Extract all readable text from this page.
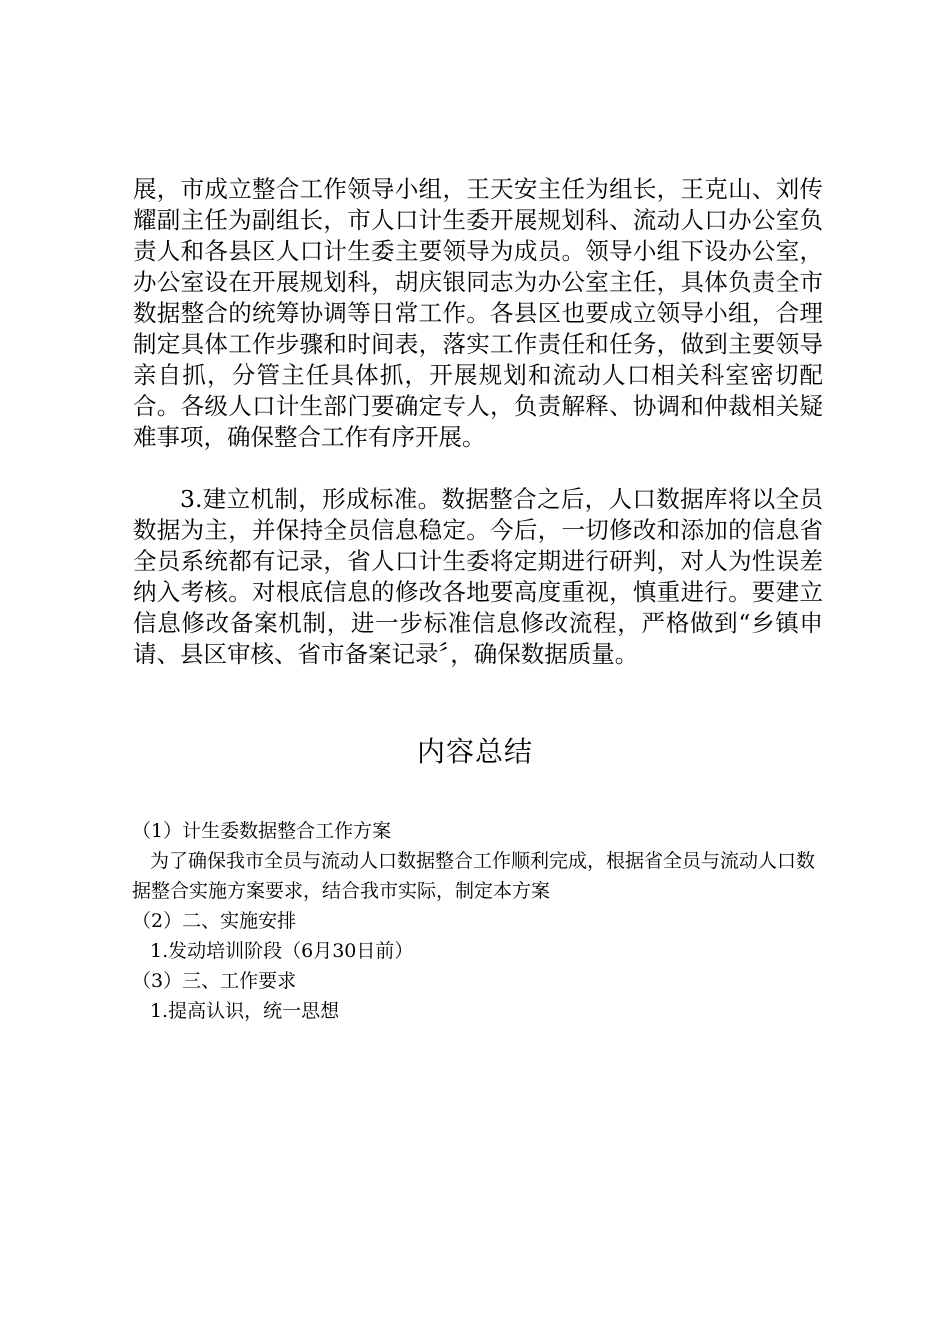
展，市成立整合工作领导小组，王天安主任为组长，王克山、刘传耀副主任为副组长，市人口计生委开展规划科、流动人口办公室负责人和各县区人口计生委主要领导为成员。领导小组下设办公室，办公室设在开展规划科，胡庆银同志为办公室主任，具体负责全市数据整合的统筹协调等日常工作。各县区也要成立领导小组，合理制定具体工作步骤和时间表，落实工作责任和任务，做到主要领导亲自抓，分管主任具体抓，开展规划和流动人口相关科室密切配合。各级人口计生部门要确定专人，负责解释、协调和仲裁相关疑难事项，确保整合工作有序开展。
3.建立机制，形成标准。数据整合之后，人口数据库将以全员数据为主，并保持全员信息稳定。今后，一切修改和添加的信息省全员系统都有记录，省人口计生委将定期进行研判，对人为性误差纳入考核。对根底信息的修改各地要高度重视，慎重进行。要建立信息修改备案机制，进一步标准信息修改流程，严格做到“乡镇申请、县区审核、省市备案记录〞，确保数据质量。
内容总结

（1）计生委数据整合工作方案

为了确保我市全员与流动人口数据整合工作顺利完成，根据省全员与流动人口数据整合实施方案要求，结合我市实际，制定本方案

（2）二、实施安排

1.发动培训阶段（6月30日前）

（3）三、工作要求

1.提高认识，统一思想
